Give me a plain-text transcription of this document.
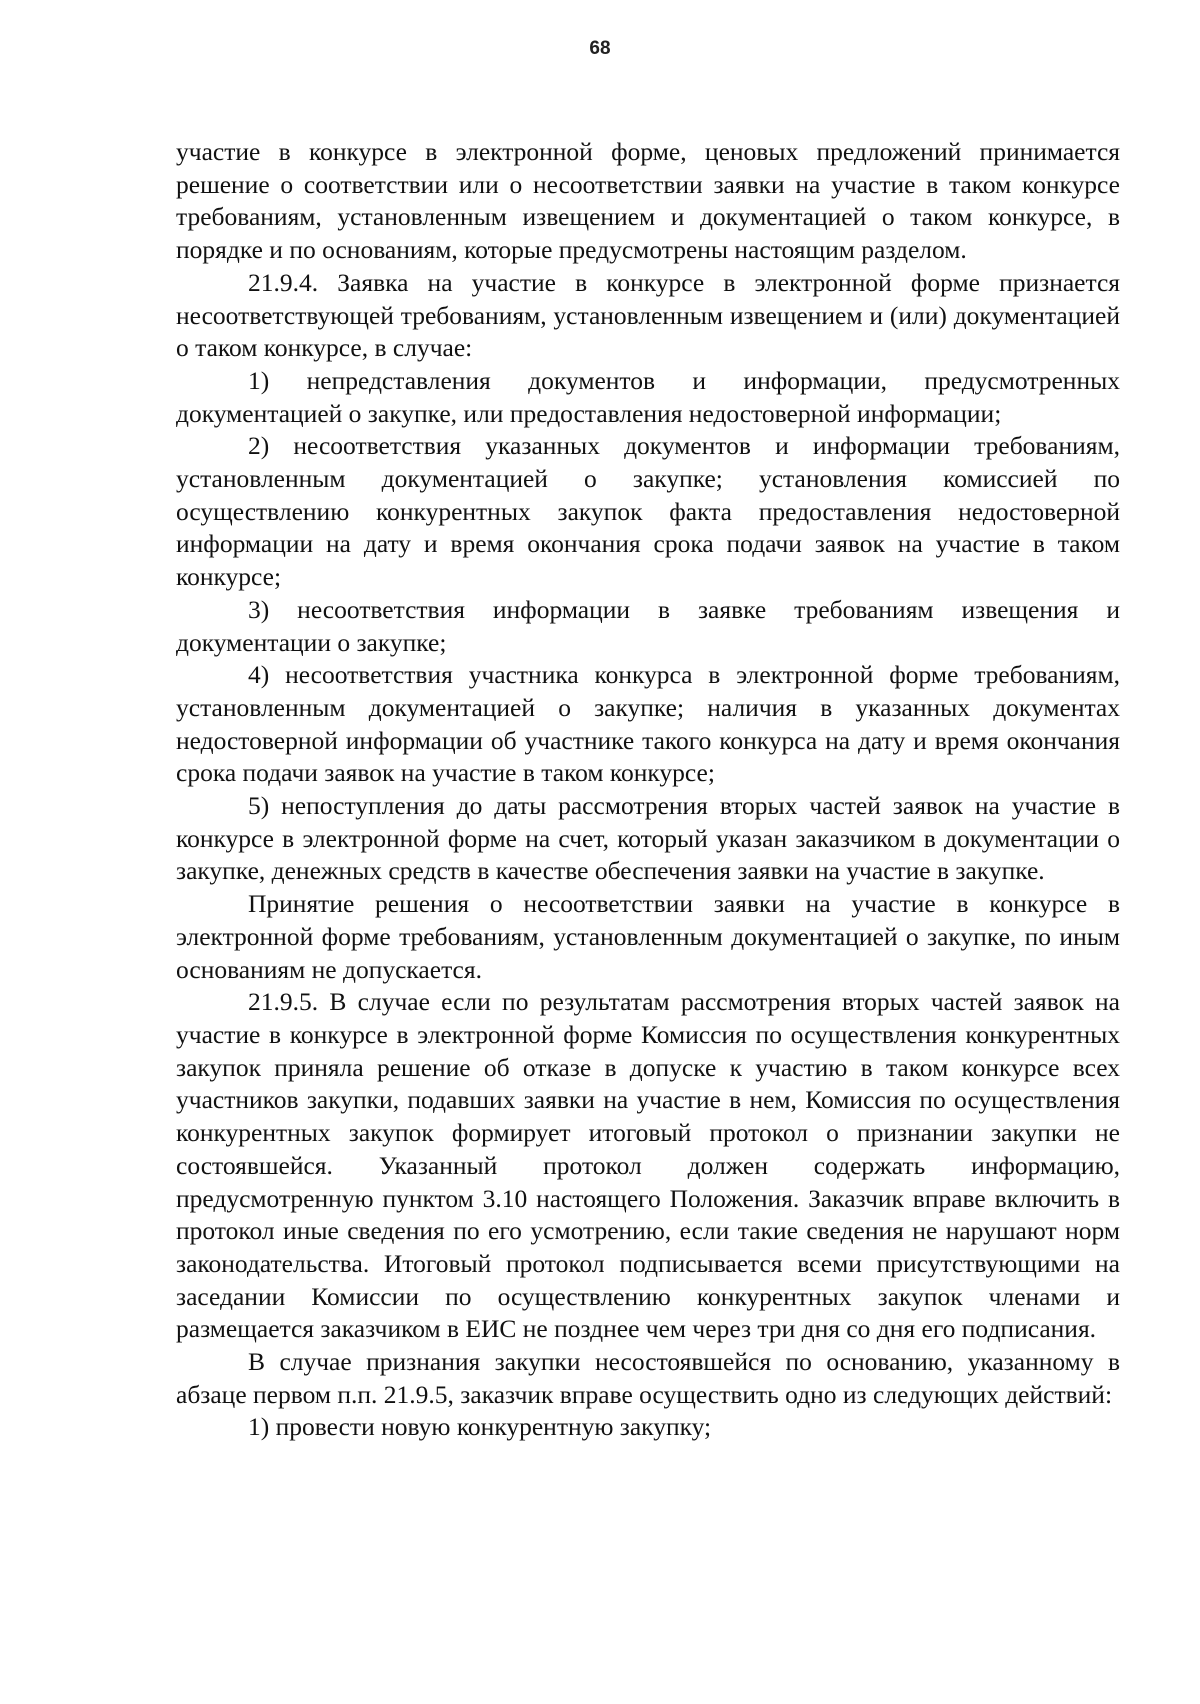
68

участие в конкурсе в электронной форме, ценовых предложений принимается решение о соответствии или о несоответствии заявки на участие в таком конкурсе требованиям, установленным извещением и документацией о таком конкурсе, в порядке и по основаниям, которые предусмотрены настоящим разделом.

21.9.4. Заявка на участие в конкурсе в электронной форме признается несоответствующей требованиям, установленным извещением и (или) документацией о таком конкурсе, в случае:

1) непредставления документов и информации, предусмотренных документацией о закупке, или предоставления недостоверной информации;

2) несоответствия указанных документов и информации требованиям, установленным документацией о закупке; установления комиссией по осуществлению конкурентных закупок факта предоставления недостоверной информации на дату и время окончания срока подачи заявок на участие в таком конкурсе;

3) несоответствия информации в заявке требованиям извещения и документации о закупке;

4) несоответствия участника конкурса в электронной форме требованиям, установленным документацией о закупке; наличия в указанных документах недостоверной информации об участнике такого конкурса на дату и время окончания срока подачи заявок на участие в таком конкурсе;

5) непоступления до даты рассмотрения вторых частей заявок на участие в конкурсе в электронной форме на счет, который указан заказчиком в документации о закупке, денежных средств в качестве обеспечения заявки на участие в закупке.

Принятие решения о несоответствии заявки на участие в конкурсе в электронной форме требованиям, установленным документацией о закупке, по иным основаниям не допускается.

21.9.5. В случае если по результатам рассмотрения вторых частей заявок на участие в конкурсе в электронной форме Комиссия по осуществления конкурентных закупок приняла решение об отказе в допуске к участию в таком конкурсе всех участников закупки, подавших заявки на участие в нем, Комиссия по осуществления конкурентных закупок формирует итоговый протокол о признании закупки не состоявшейся. Указанный протокол должен содержать информацию, предусмотренную пунктом 3.10 настоящего Положения. Заказчик вправе включить в протокол иные сведения по его усмотрению, если такие сведения не нарушают норм законодательства. Итоговый протокол подписывается всеми присутствующими на заседании Комиссии по осуществлению конкурентных закупок членами и размещается заказчиком в ЕИС не позднее чем через три дня со дня его подписания.

В случае признания закупки несостоявшейся по основанию, указанному в абзаце первом п.п. 21.9.5, заказчик вправе осуществить одно из следующих действий:

1) провести новую конкурентную закупку;
